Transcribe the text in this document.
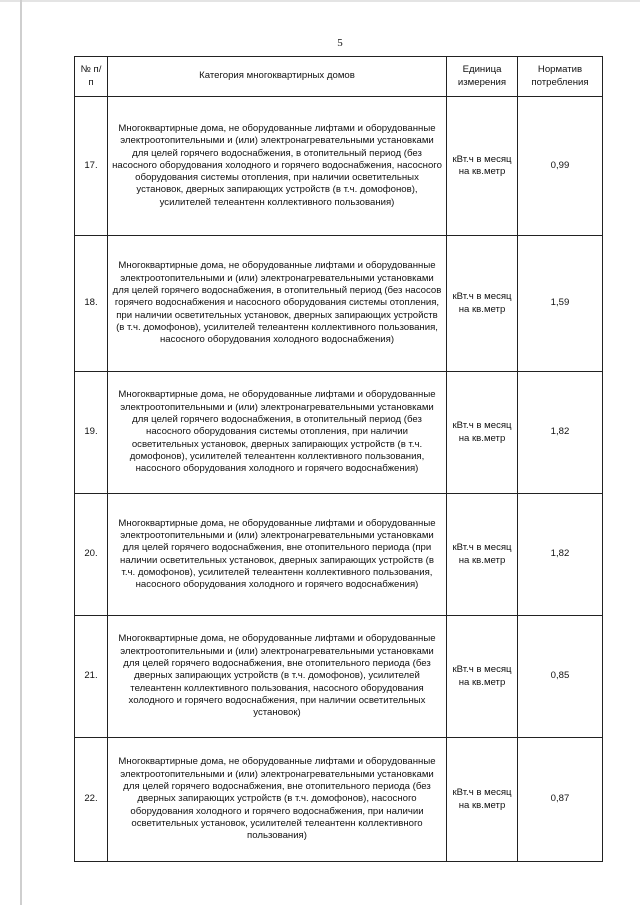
5
№ п/п	Категория многоквартирных домов	Единица измерения	Норматив потребления
17.	Многоквартирные дома, не оборудованные лифтами и оборудованные электроотопительными и (или) электронагревательными установками для целей горячего водоснабжения, в отопительный период (без насосного оборудования холодного и горячего водоснабжения, насосного оборудования системы отопления, при наличии осветительных установок, дверных запирающих устройств (в т.ч. домофонов), усилителей телеантенн коллективного пользования)	кВт.ч в месяц на кв.метр	0,99
18.	Многоквартирные дома, не оборудованные лифтами и оборудованные электроотопительными и (или) электронагревательными установками для целей горячего водоснабжения, в отопительный период (без насосов горячего водоснабжения и насосного оборудования системы отопления, при наличии осветительных установок, дверных запирающих устройств (в т.ч. домофонов), усилителей телеантенн коллективного пользования, насосного оборудования холодного водоснабжения)	кВт.ч в месяц на кв.метр	1,59
19.	Многоквартирные дома, не оборудованные лифтами и оборудованные электроотопительными и (или) электронагревательными установками для целей горячего водоснабжения, в отопительный период (без насосного оборудования системы отопления, при наличии осветительных установок, дверных запирающих устройств (в т.ч. домофонов), усилителей телеантенн коллективного пользования, насосного оборудования холодного и горячего водоснабжения)	кВт.ч в месяц на кв.метр	1,82
20.	Многоквартирные дома, не оборудованные лифтами и оборудованные электроотопительными и (или) электронагревательными установками для целей горячего водоснабжения, вне отопительного периода (при наличии осветительных установок, дверных запирающих устройств (в т.ч. домофонов), усилителей телеантенн коллективного пользования, насосного оборудования холодного и горячего водоснабжения)	кВт.ч в месяц на кв.метр	1,82
21.	Многоквартирные дома, не оборудованные лифтами и оборудованные электроотопительными и (или) электронагревательными установками для целей горячего водоснабжения, вне отопительного периода (без дверных запирающих устройств (в т.ч. домофонов), усилителей телеантенн коллективного пользования, насосного оборудования холодного и горячего водоснабжения, при наличии осветительных установок)	кВт.ч в месяц на кв.метр	0,85
22.	Многоквартирные дома, не оборудованные лифтами и оборудованные электроотопительными и (или) электронагревательными установками для целей горячего водоснабжения, вне отопительного периода (без дверных запирающих устройств (в т.ч. домофонов), насосного оборудования холодного и горячего водоснабжения, при наличии осветительных установок, усилителей телеантенн коллективного пользования)	кВт.ч в месяц на кв.метр	0,87
